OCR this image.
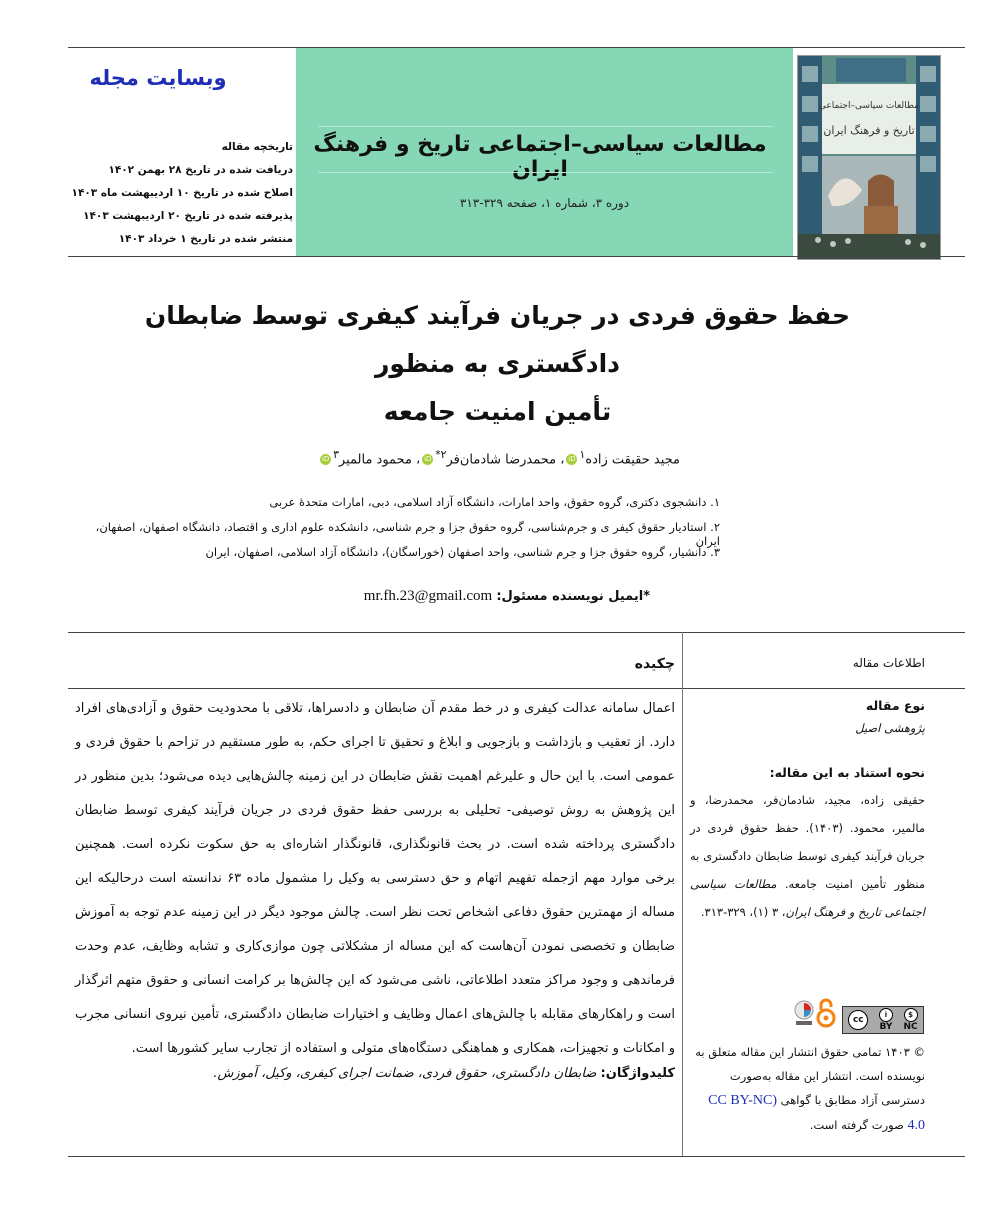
وبسایت مجله
تاریخچه مقاله
دریافت شده در تاریخ ۲۸ بهمن ۱۴۰۲
اصلاح شده در تاریخ ۱۰ اردیبهشت ماه ۱۴۰۳
پذیرفته شده در تاریخ ۲۰ اردیبهشت ۱۴۰۳
منتشر شده در تاریخ ۱ خرداد ۱۴۰۳
مطالعات سیاسی–اجتماعی تاریخ و فرهنگ ایران
دوره ۳، شماره ۱، صفحه ۳۲۹-۳۱۳
مطالعات سیاسی–اجتماعی
تاریخ و فرهنگ ایران
حفظ حقوق فردی در جریان فرآیند کیفری توسط ضابطان دادگستری به منظور
تأمین امنیت جامعه
مجید حقیقت زاده$^۱$iD، محمدرضا شادمان‌فر$^{۲*}$iD، محمود مالمیر$^۳$iD
۱. دانشجوی دکتری، گروه حقوق، واحد امارات، دانشگاه آزاد اسلامی، دبی، امارات متحدهٔ عربی
۲. استادیار حقوق کیفر ی و جرم‌شناسی، گروه حقوق جزا و جرم شناسی، دانشکده علوم اداری و اقتصاد، دانشگاه اصفهان، اصفهان، ایران
۳. دانشیار، گروه حقوق جزا و جرم شناسی، واحد اصفهان (خوراسگان)، دانشگاه آزاد اسلامی، اصفهان، ایران
*ایمیل نویسنده مسئول: mr.fh.23@gmail.com
اطلاعات مقاله
نوع مقاله
پژوهشی اصیل
نحوه استناد به این مقاله:
حقیقی زاده، مجید، شادمان‌فر، محمدرضا، و مالمیر، محمود. (۱۴۰۳). حفظ حقوق فردی در جریان فرآیند کیفری توسط ضابطان دادگستری به منظور تأمین امنیت جامعه. مطالعات سیاسی اجتماعی تاریخ و فرهنگ ایران، ۳ (۱)، ۳۲۹-۳۱۳.
cc	i
BY
$
NC
© ۱۴۰۳ تمامی حقوق انتشار این مقاله متعلق به نویسنده است. انتشار این مقاله به‌صورت دسترسی آزاد مطابق با گواهی (CC BY-NC 4.0 صورت گرفته است.
چکیده
اعمال سامانه عدالت کیفری و در خط مقدم آن ضابطان و دادسراها، تلاقی با محدودیت حقوق و آزادی‌های افراد دارد. از تعقیب و بازداشت و بازجویی و ابلاغ و تحقیق تا اجرای حکم، به طور مستقیم در تزاحم با حقوق فردی و عمومی است. با این حال و علیرغم اهمیت نقش ضابطان در این زمینه چالش‌هایی دیده می‌شود؛ بدین منظور در این پژوهش به روش توصیفی- تحلیلی به بررسی حفظ حقوق فردی در جریان فرآیند کیفری توسط ضابطان دادگستری پرداخته شده است. در بحث قانونگذاری، قانونگذار اشاره‌ای به حق سکوت نکرده است. همچنین برخی موارد مهم ازجمله تفهیم اتهام و حق دسترسی به وکیل را مشمول ماده ۶۳ ندانسته است درحالیکه این مساله از مهمترین حقوق دفاعی اشخاص تحت نظر است. چالش موجود دیگر در این زمینه عدم توجه به آموزش ضابطان و تخصصی نمودن آن‌هاست که این مساله از مشکلاتی چون موازی‌کاری و تشابه وظایف، عدم وحدت فرماندهی و وجود مراکز متعدد اطلاعاتی، ناشی می‌شود که این چالش‌ها بر کرامت انسانی و حقوق متهم اثرگذار است و راهکارهای مقابله با چالش‌های اعمال وظایف و اختیارات ضابطان دادگستری، تأمین نیروی انسانی مجرب و امکانات و تجهیزات، همکاری و هماهنگی دستگاه‌های متولی و استفاده از تجارب سایر کشورها است.
کلیدواژگان: ضابطان دادگستری، حقوق فردی، ضمانت اجرای کیفری، وکیل، آموزش.
